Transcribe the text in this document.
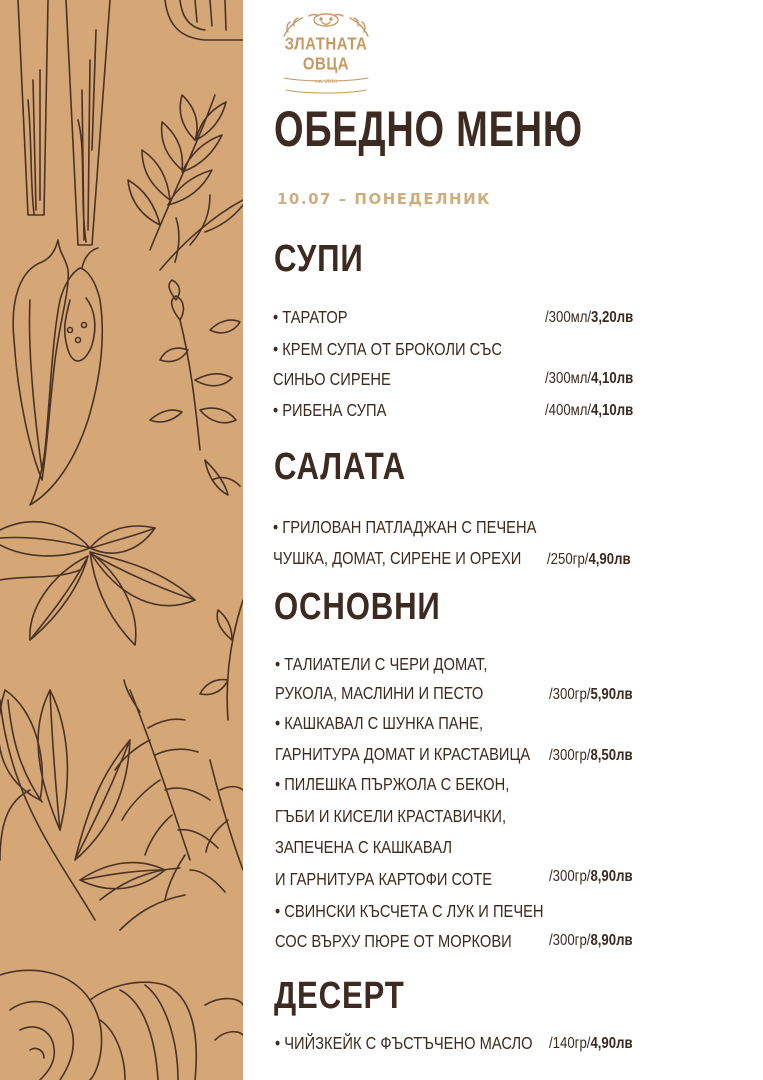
ЗЛАТНАТА
ОВЦА
est. 2016
ОБЕДНО МЕНЮ
10.07 – ПОНЕДЕЛНИК
СУПИ
• ТАРАТОР
• КРЕМ СУПА ОТ БРОКОЛИ СЪС
СИНЬО СИРЕНЕ
• РИБЕНА СУПА
/300мл/3,20лв
/300мл/4,10лв
/400мл/4,10лв
САЛАТА
• ГРИЛОВАН ПАТЛАДЖАН С ПЕЧЕНА
ЧУШКА, ДОМАТ, СИРЕНЕ И ОРЕХИ /250гр/4,90лв
ОСНОВНИ
• ТАЛИАТЕЛИ С ЧЕРИ ДОМАТ,
РУКОЛА, МАСЛИНИ И ПЕСТО
• КАШКАВАЛ С ШУНКА ПАНЕ,
ГАРНИТУРА ДОМАТ И КРАСТАВИЦА
• ПИЛЕШКА ПЪРЖОЛА С БЕКОН,
ГЪБИ И КИСЕЛИ КРАСТАВИЧКИ,
ЗАПЕЧЕНА С КАШКАВАЛ
И ГАРНИТУРА КАРТОФИ СОТЕ
• СВИНСКИ КЪСЧЕТА С ЛУК И ПЕЧЕН
СОС ВЪРХУ ПЮРЕ ОТ МОРКОВИ
/300гр/5,90лв
/300гр/8,50лв
/300гр/8,90лв
/300гр/8,90лв
ДЕСЕРТ
• ЧИЙЗКЕЙК С ФЪСТЪЧЕНО МАСЛО /140гр/4,90лв
